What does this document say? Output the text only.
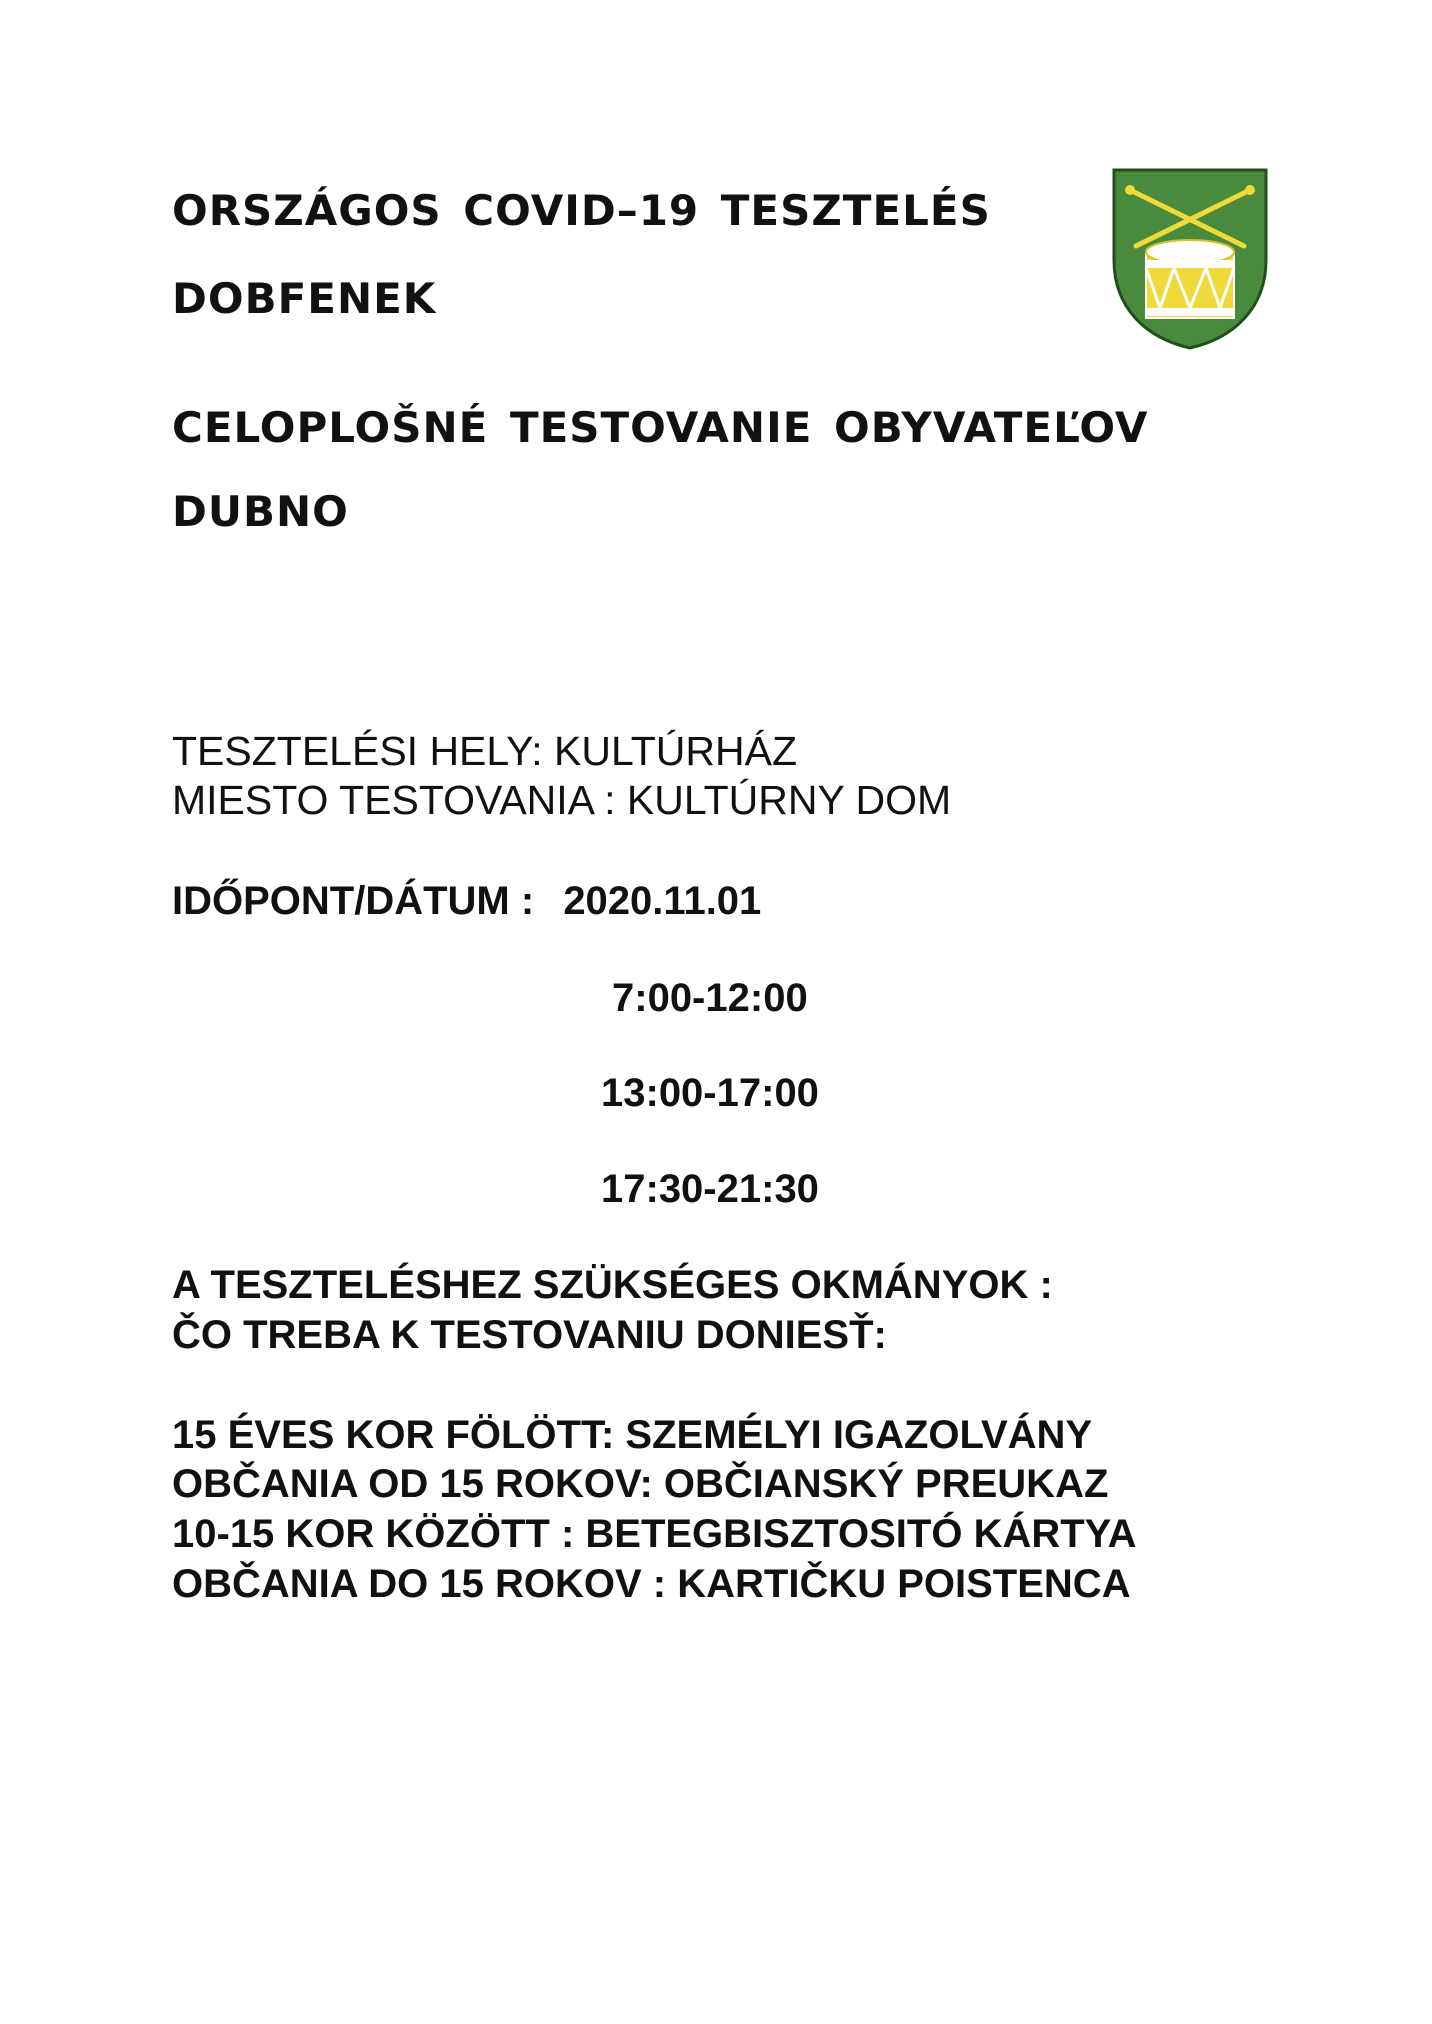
ORSZÁGOS COVID–19 TESZTELÉS
DOBFENEK
CELOPLOŠNÉ TESTOVANIE OBYVATEĽOV
DUBNO

TESZTELÉSI HELY: KULTÚRHÁZ

MIESTO TESTOVANIA : KULTÚRNY DOM

IDŐPONT/DÁTUM : 2020.11.01

7:00-12:00

13:00-17:00

17:30-21:30

A TESZTELÉSHEZ SZÜKSÉGES OKMÁNYOK :

ČO TREBA K TESTOVANIU DONIESŤ:

15 ÉVES KOR FÖLÖTT: SZEMÉLYI IGAZOLVÁNY

OBČANIA OD 15 ROKOV: OBČIANSKÝ PREUKAZ

10-15 KOR KÖZÖTT : BETEGBISZTOSITÓ KÁRTYA

OBČANIA DO 15 ROKOV : KARTIČKU POISTENCA
